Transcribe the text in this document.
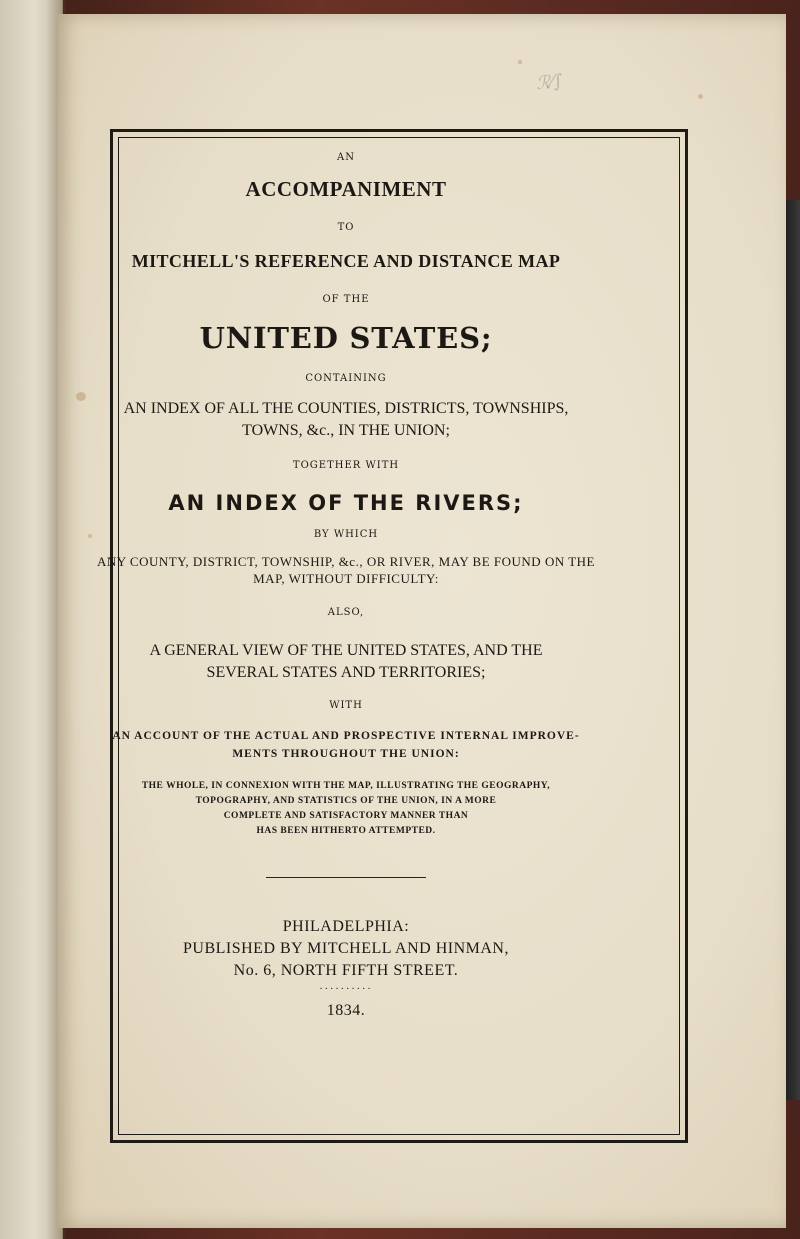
ℛ⁄∫
AN
ACCOMPANIMENT
TO
MITCHELL'S REFERENCE AND DISTANCE MAP
OF THE
UNITED STATES;
CONTAINING
AN INDEX OF ALL THE COUNTIES, DISTRICTS, TOWNSHIPS,
TOWNS, &c., IN THE UNION;
TOGETHER WITH
AN INDEX OF THE RIVERS;
BY WHICH
ANY COUNTY, DISTRICT, TOWNSHIP, &c., OR RIVER, MAY BE FOUND ON THE
MAP, WITHOUT DIFFICULTY:
ALSO,
A GENERAL VIEW OF THE UNITED STATES, AND THE
SEVERAL STATES AND TERRITORIES;
WITH
AN ACCOUNT OF THE ACTUAL AND PROSPECTIVE INTERNAL IMPROVE-
MENTS THROUGHOUT THE UNION:
THE WHOLE, IN CONNEXION WITH THE MAP, ILLUSTRATING THE GEOGRAPHY,
TOPOGRAPHY, AND STATISTICS OF THE UNION, IN A MORE
COMPLETE AND SATISFACTORY MANNER THAN
HAS BEEN HITHERTO ATTEMPTED.
PHILADELPHIA:
PUBLISHED BY MITCHELL AND HINMAN,
No. 6, NORTH FIFTH STREET.
··········
1834.
